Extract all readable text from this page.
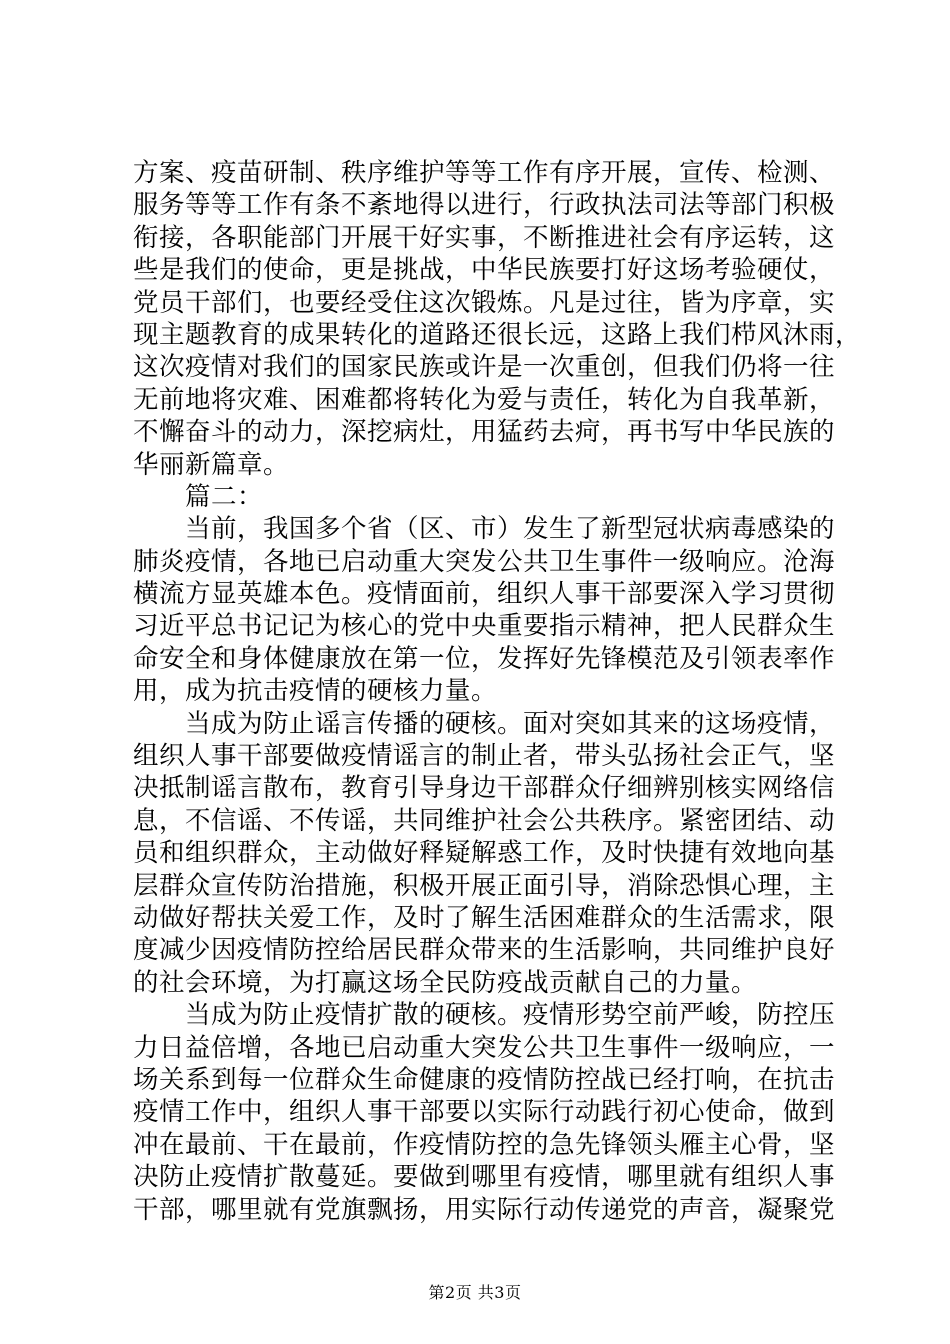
方案、疫苗研制、秩序维护等等工作有序开展，宣传、检测、
服务等等工作有条不紊地得以进行，行政执法司法等部门积极
衔接，各职能部门开展干好实事，不断推进社会有序运转，这
些是我们的使命，更是挑战，中华民族要打好这场考验硬仗，
党员干部们，也要经受住这次锻炼。凡是过往，皆为序章，实
现主题教育的成果转化的道路还很长远，这路上我们栉风沐雨，
这次疫情对我们的国家民族或许是一次重创，但我们仍将一往
无前地将灾难、困难都将转化为爱与责任，转化为自我革新，
不懈奋斗的动力，深挖病灶，用猛药去疴，再书写中华民族的
华丽新篇章。
　　篇二：
　　当前，我国多个省（区、市）发生了新型冠状病毒感染的
肺炎疫情，各地已启动重大突发公共卫生事件一级响应。沧海
横流方显英雄本色。疫情面前，组织人事干部要深入学习贯彻
习近平总书记记为核心的党中央重要指示精神，把人民群众生
命安全和身体健康放在第一位，发挥好先锋模范及引领表率作
用，成为抗击疫情的硬核力量。
　　当成为防止谣言传播的硬核。面对突如其来的这场疫情，
组织人事干部要做疫情谣言的制止者，带头弘扬社会正气，坚
决抵制谣言散布，教育引导身边干部群众仔细辨别核实网络信
息，不信谣、不传谣，共同维护社会公共秩序。紧密团结、动
员和组织群众，主动做好释疑解惑工作，及时快捷有效地向基
层群众宣传防治措施，积极开展正面引导，消除恐惧心理，主
动做好帮扶关爱工作，及时了解生活困难群众的生活需求，限
度减少因疫情防控给居民群众带来的生活影响，共同维护良好
的社会环境，为打赢这场全民防疫战贡献自己的力量。
　　当成为防止疫情扩散的硬核。疫情形势空前严峻，防控压
力日益倍增，各地已启动重大突发公共卫生事件一级响应，一
场关系到每一位群众生命健康的疫情防控战已经打响，在抗击
疫情工作中，组织人事干部要以实际行动践行初心使命，做到
冲在最前、干在最前，作疫情防控的急先锋领头雁主心骨，坚
决防止疫情扩散蔓延。要做到哪里有疫情，哪里就有组织人事
干部，哪里就有党旗飘扬，用实际行动传递党的声音，凝聚党
第2页 共3页
